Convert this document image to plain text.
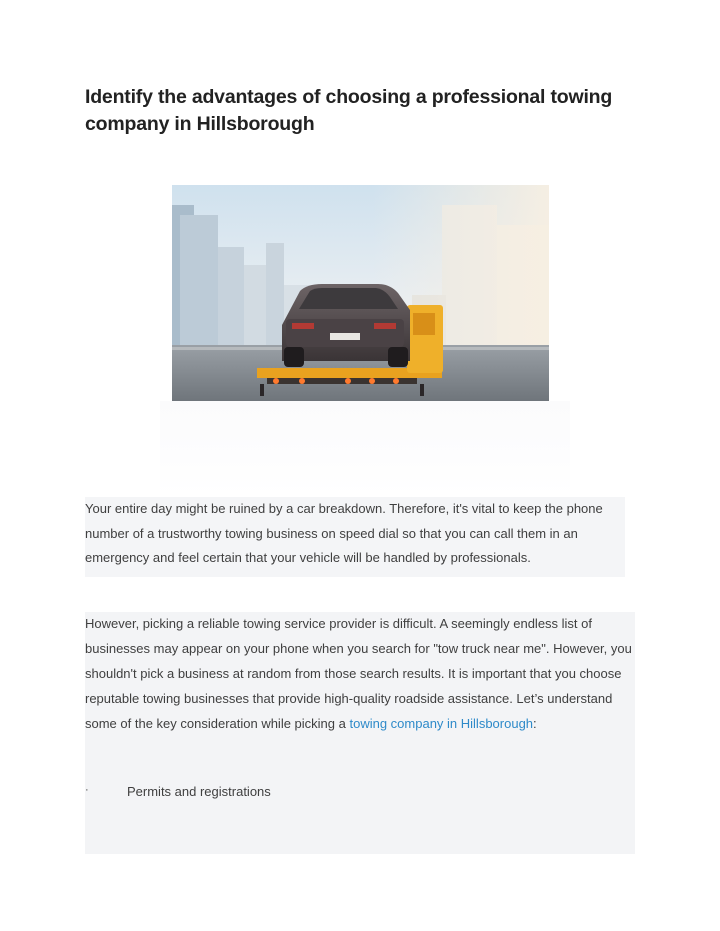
Identify the advantages of choosing a professional towing company in Hillsborough
Your entire day might be ruined by a car breakdown. Therefore, it's vital to keep the phone number of a trustworthy towing business on speed dial so that you can call them in an emergency and feel certain that your vehicle will be handled by professionals.

However, picking a reliable towing service provider is difficult. A seemingly endless list of businesses may appear on your phone when you search for "tow truck near me". However, you shouldn't pick a business at random from those search results. It is important that you choose reputable towing businesses that provide high-quality roadside assistance. Let’s understand some of the key consideration while picking a towing company in Hillsborough:

·	Permits and registrations
